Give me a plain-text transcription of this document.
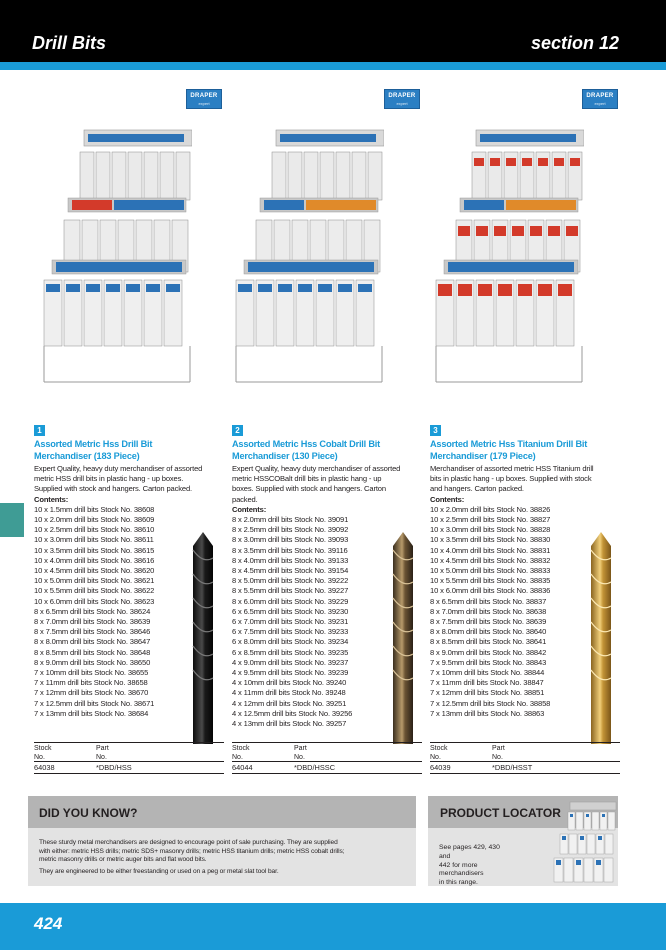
Drill Bits	section 12
DRAPER
expert
DRAPER
expert
DRAPER
expert
1
Assorted Metric Hss Drill Bit
Merchandiser (183 Piece)
Expert Quality, heavy duty merchandiser of assorted
metric HSS drill bits in plastic hang - up boxes.
Supplied with stock and hangers. Carton packed.
Contents:
10 x 1.5mm drill bits Stock No. 38608
10 x 2.0mm drill bits Stock No. 38609
10 x 2.5mm drill bits Stock No. 38610
10 x 3.0mm drill bits Stock No. 38611
10 x 3.5mm drill bits Stock No. 38615
10 x 4.0mm drill bits Stock No. 38616
10 x 4.5mm drill bits Stock No. 38620
10 x 5.0mm drill bits Stock No. 38621
10 x 5.5mm drill bits Stock No. 38622
10 x 6.0mm drill bits Stock No. 38623
8 x 6.5mm drill bits Stock No. 38624
8 x 7.0mm drill bits Stock No. 38639
8 x 7.5mm drill bits Stock No. 38646
8 x 8.0mm drill bits Stock No. 38647
8 x 8.5mm drill bits Stock No. 38648
8 x 9.0mm drill bits Stock No. 38650
7 x 10mm drill bits Stock No. 38655
7 x 11mm drill bits Stock No. 38658
7 x 12mm drill bits Stock No. 38670
7 x 12.5mm drill bits Stock No. 38671
7 x 13mm drill bits Stock No. 38684
2
Assorted Metric Hss Cobalt Drill Bit
Merchandiser (130 Piece)
Expert Quality, heavy duty merchandiser of assorted
metric HSSCOBalt drill bits in plastic hang - up
boxes. Supplied with stock and hangers. Carton
packed.
Contents:
8 x 2.0mm drill bits Stock No. 39091
8 x 2.5mm drill bits Stock No. 39092
8 x 3.0mm drill bits Stock No. 39093
8 x 3.5mm drill bits Stock No. 39116
8 x 4.0mm drill bits Stock No. 39133
8 x 4.5mm drill bits Stock No. 39154
8 x 5.0mm drill bits Stock No. 39222
8 x 5.5mm drill bits Stock No. 39227
8 x 6.0mm drill bits Stock No. 39229
6 x 6.5mm drill bits Stock No. 39230
6 x 7.0mm drill bits Stock No. 39231
6 x 7.5mm drill bits Stock No. 39233
6 x 8.0mm drill bits Stock No. 39234
6 x 8.5mm drill bits Stock No. 39235
4 x 9.0mm drill bits Stock No. 39237
4 x 9.5mm drill bits Stock No. 39239
4 x 10mm drill bits Stock No. 39240
4 x 11mm drill bits Stock No. 39248
4 x 12mm drill bits Stock No. 39251
4 x 12.5mm drill bits Stock No. 39256
4 x 13mm drill bits Stock No. 39257
3
Assorted Metric Hss Titanium Drill Bit
Merchandiser (179 Piece)
Merchandiser of assorted metric HSS Titanium drill
bits in plastic hang - up boxes. Supplied with stock
and hangers. Carton packed.
Contents:
10 x 2.0mm drill bits Stock No. 38826
10 x 2.5mm drill bits Stock No. 38827
10 x 3.0mm drill bits Stock No. 38828
10 x 3.5mm drill bits Stock No. 38830
10 x 4.0mm drill bits Stock No. 38831
10 x 4.5mm drill bits Stock No. 38832
10 x 5.0mm drill bits Stock No. 38833
10 x 5.5mm drill bits Stock No. 38835
10 x 6.0mm drill bits Stock No. 38836
8 x 6.5mm drill bits Stock No. 38837
8 x 7.0mm drill bits Stock No. 38638
8 x 7.5mm drill bits Stock No. 38639
8 x 8.0mm drill bits Stock No. 38640
8 x 8.5mm drill bits Stock No. 38641
8 x 9.0mm drill bits Stock No. 38842
7 x 9.5mm drill bits Stock No. 38843
7 x 10mm drill bits Stock No. 38844
7 x 11mm drill bits Stock No. 38847
7 x 12mm drill bits Stock No. 38851
7 x 12.5mm drill bits Stock No. 38858
7 x 13mm drill bits Stock No. 38863
Stock
No.
Part
No.
64038	*DBD/HSS
Stock
No.
Part
No.
64044	*DBD/HSSC
Stock
No.
Part
No.
64039	*DBD/HSST
DID YOU KNOW?
These sturdy metal merchandisers are designed to encourage point of sale purchasing. They are supplied
with either: metric HSS drills; metric SDS+ masonry drills; metric HSS titanium drills; metric HSS cobalt drills;
metric masonry drills or metric auger bits and flat wood bits.
They are engineered to be either freestanding or used on a peg or metal slat tool bar.
PRODUCT LOCATOR
See pages 429, 430 and
442 for more merchandisers
in this range.
424
